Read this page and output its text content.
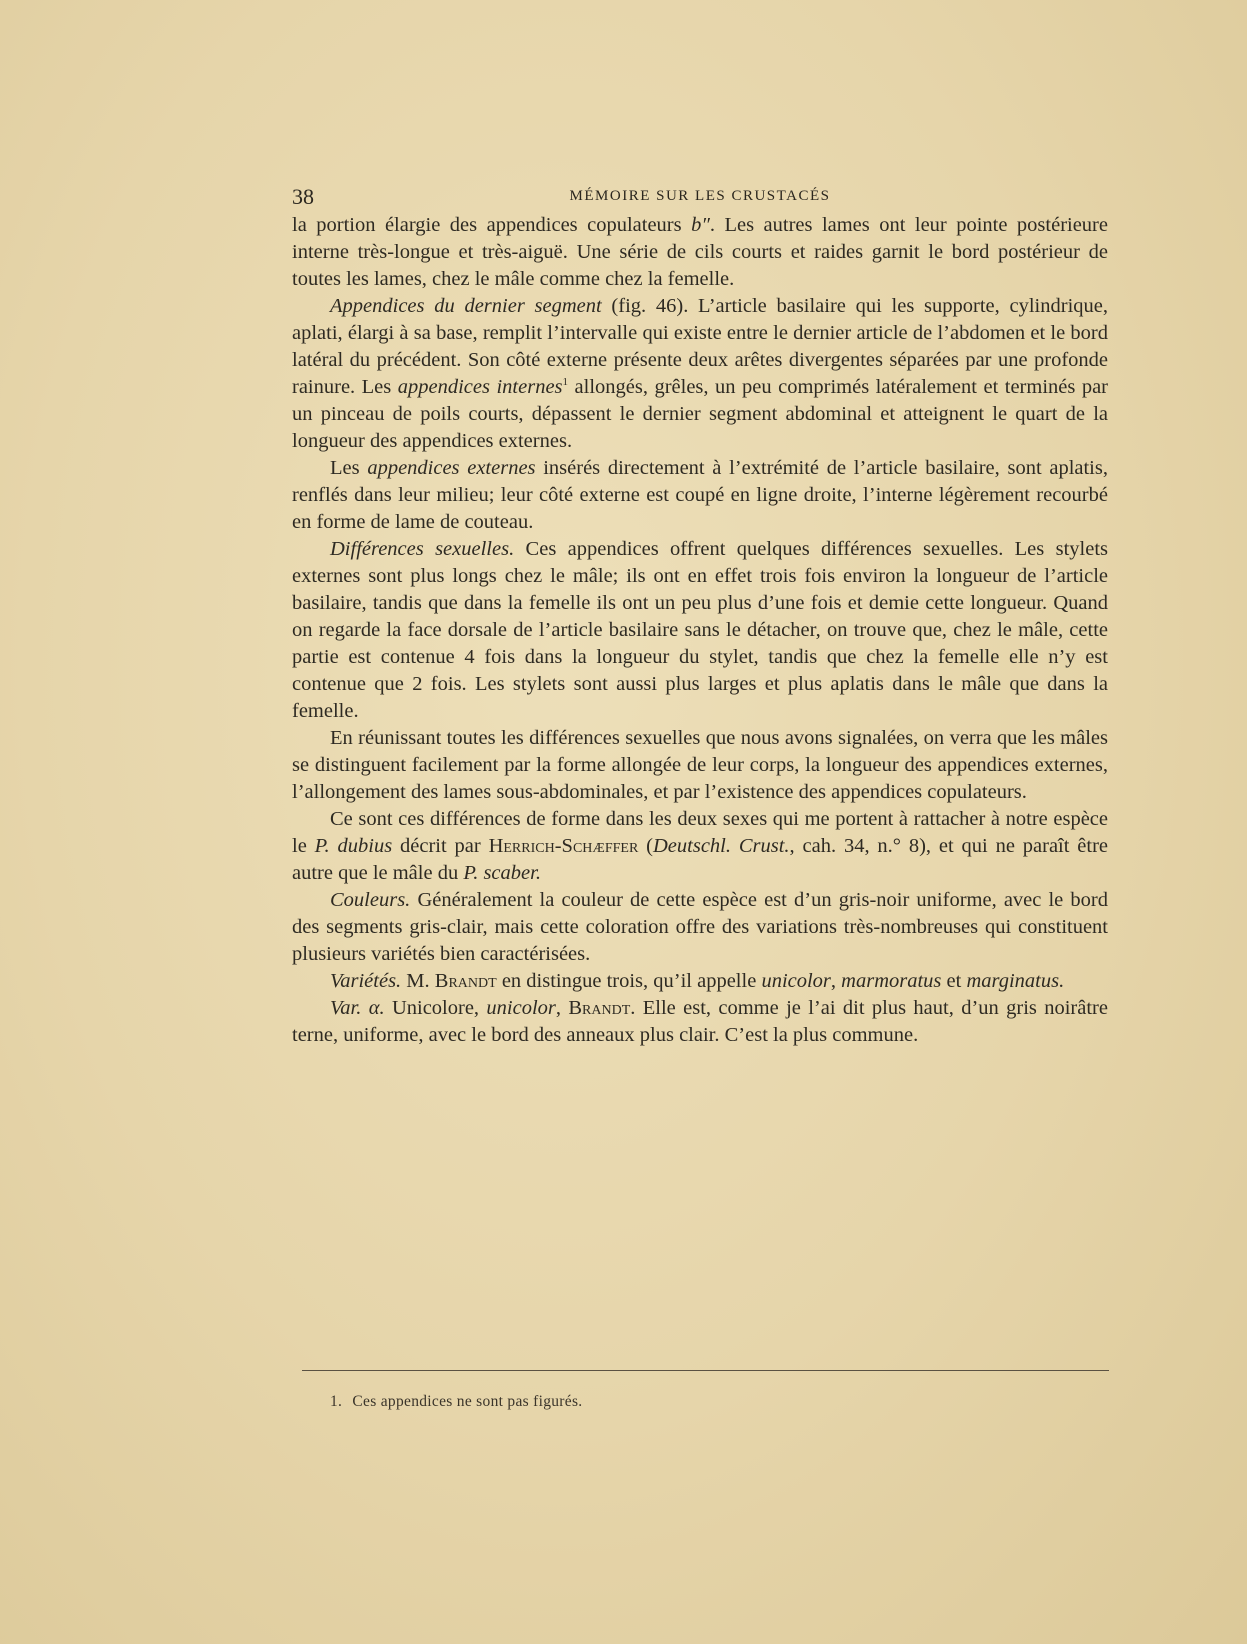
38	MÉMOIRE SUR LES CRUSTACÉS

la portion élargie des appendices copulateurs b″. Les autres lames ont leur pointe postérieure interne très-longue et très-aiguë. Une série de cils courts et raides garnit le bord postérieur de toutes les lames, chez le mâle comme chez la femelle.

Appendices du dernier segment (fig. 46). L’article basilaire qui les supporte, cylindrique, aplati, élargi à sa base, remplit l’intervalle qui existe entre le dernier article de l’abdomen et le bord latéral du précédent. Son côté externe présente deux arêtes divergentes séparées par une profonde rainure. Les appendices internes$^1$ allongés, grêles, un peu comprimés latéralement et terminés par un pinceau de poils courts, dépassent le dernier segment abdominal et atteignent le quart de la longueur des appendices externes.

Les appendices externes insérés directement à l’extrémité de l’article basilaire, sont aplatis, renflés dans leur milieu; leur côté externe est coupé en ligne droite, l’interne légèrement recourbé en forme de lame de couteau.

Différences sexuelles. Ces appendices offrent quelques différences sexuelles. Les stylets externes sont plus longs chez le mâle; ils ont en effet trois fois environ la longueur de l’article basilaire, tandis que dans la femelle ils ont un peu plus d’une fois et demie cette longueur. Quand on regarde la face dorsale de l’article basilaire sans le détacher, on trouve que, chez le mâle, cette partie est contenue 4 fois dans la longueur du stylet, tandis que chez la femelle elle n’y est contenue que 2 fois. Les stylets sont aussi plus larges et plus aplatis dans le mâle que dans la femelle.

En réunissant toutes les différences sexuelles que nous avons signalées, on verra que les mâles se distinguent facilement par la forme allongée de leur corps, la longueur des appendices externes, l’allongement des lames sous-abdominales, et par l’existence des appendices copulateurs.

Ce sont ces différences de forme dans les deux sexes qui me portent à rattacher à notre espèce le P. dubius décrit par Herrich-Schæffer (Deutschl. Crust., cah. 34, n.° 8), et qui ne paraît être autre que le mâle du P. scaber.

Couleurs. Généralement la couleur de cette espèce est d’un gris-noir uniforme, avec le bord des segments gris-clair, mais cette coloration offre des variations très-nombreuses qui constituent plusieurs variétés bien caractérisées.

Variétés. M. Brandt en distingue trois, qu’il appelle unicolor, marmoratus et marginatus.

Var. α. Unicolore, unicolor, Brandt. Elle est, comme je l’ai dit plus haut, d’un gris noirâtre terne, uniforme, avec le bord des anneaux plus clair. C’est la plus commune.

1. Ces appendices ne sont pas figurés.
